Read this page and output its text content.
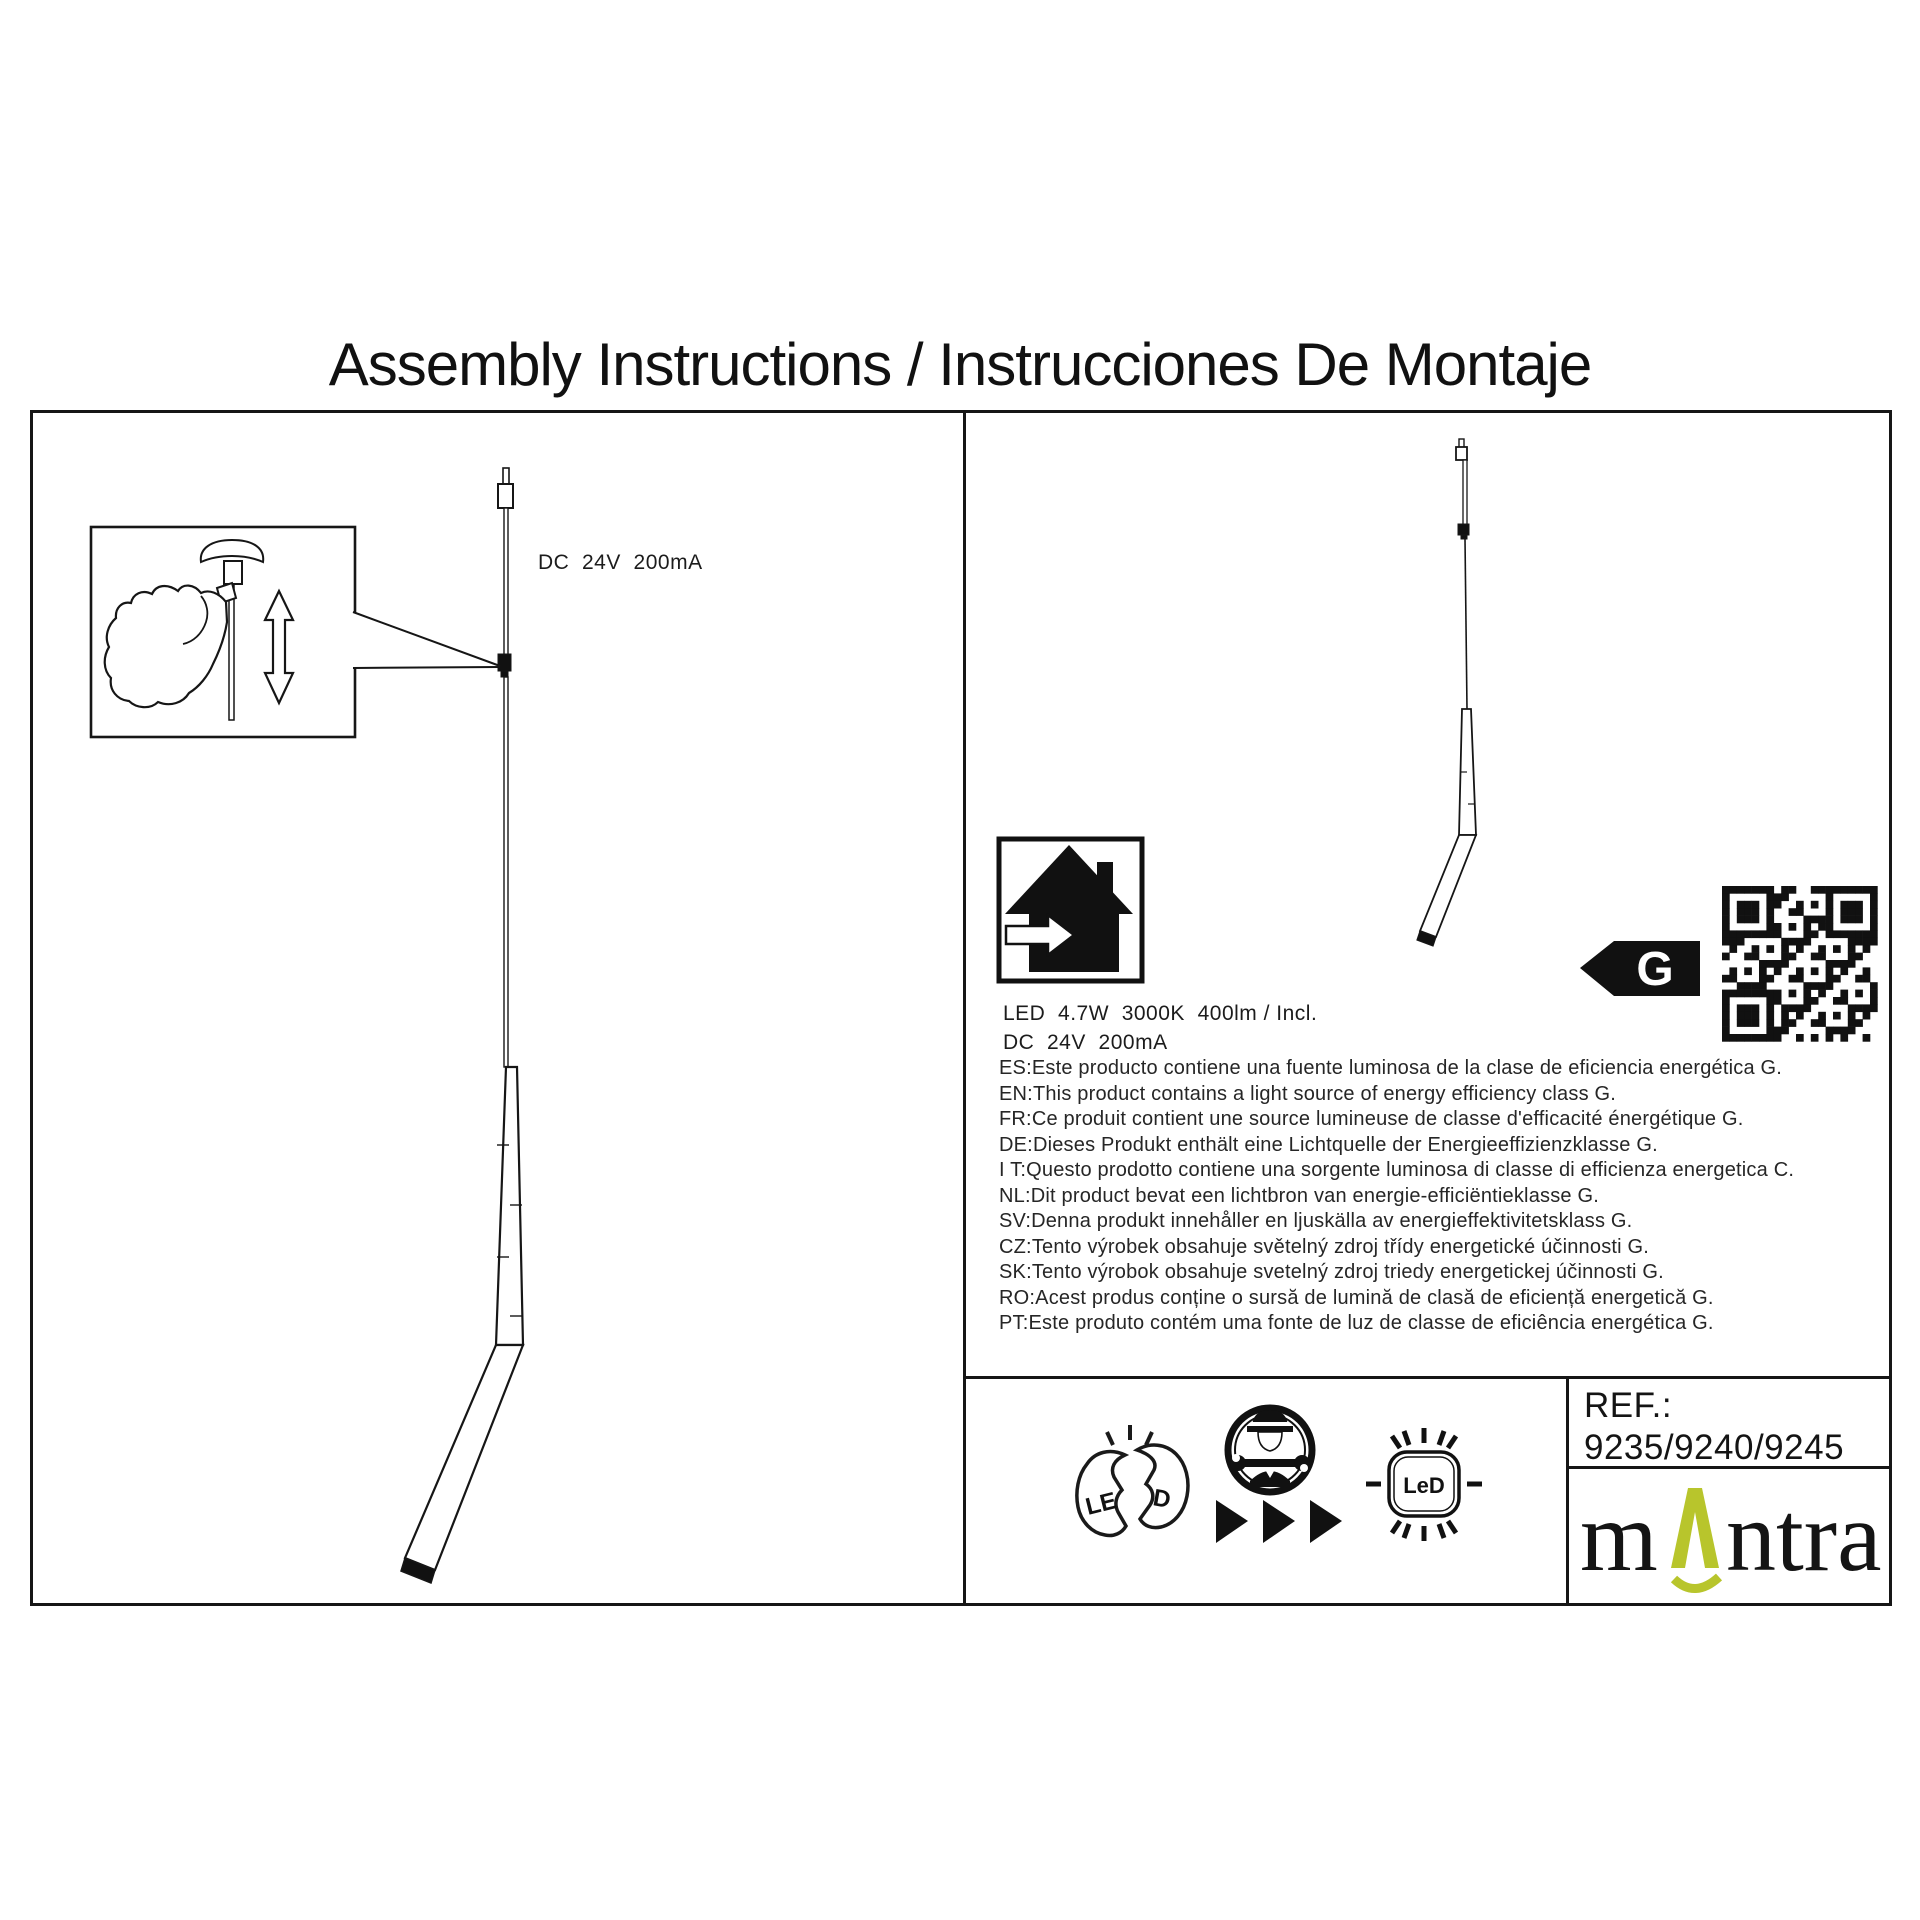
Assembly Instructions / Instrucciones De Montaje
DC  24V  200mA
LED  4.7W  3000K  400lm / Incl.
DC  24V  200mA
ES:Este producto contiene una fuente luminosa de la clase de eficiencia energética G.
EN:This product contains a light source of energy efficiency class G.
FR:Ce produit contient une source lumineuse de classe d'efficacité énergétique G.
DE:Dieses Produkt enthält eine Lichtquelle der Energieeffizienzklasse G.
I T:Questo prodotto contiene una sorgente luminosa di classe di efficienza energetica C.
NL:Dit product bevat een lichtbron van energie-efficiëntieklasse G.
SV:Denna produkt innehåller en ljuskälla av energieffektivitetsklass G.
CZ:Tento výrobek obsahuje světelný zdroj třídy energetické účinnosti G.
SK:Tento výrobok obsahuje svetelný zdroj triedy energetickej účinnosti G.
RO:Acest produs conține o sursă de lumină de clasă de eficiență energetică G.
PT:Este produto contém uma fonte de luz de classe de eficiência energética G.
REF.:
9235/9240/9245
m ntra
G
LE D	LeD
